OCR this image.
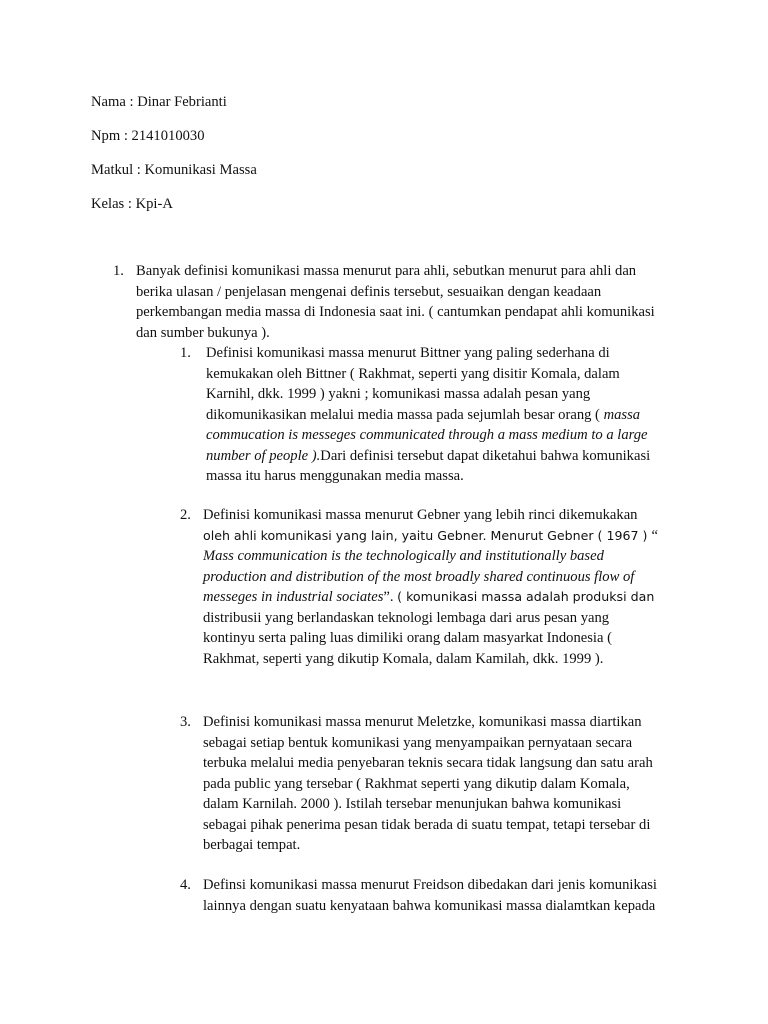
Nama : Dinar Febrianti
Npm : 2141010030
Matkul : Komunikasi Massa
Kelas : Kpi-A
1. Banyak definisi komunikasi massa menurut para ahli, sebutkan menurut para ahli dan
berika ulasan / penjelasan mengenai definis tersebut, sesuaikan dengan keadaan
perkembangan media massa di Indonesia saat ini. ( cantumkan pendapat ahli komunikasi
dan sumber bukunya ).
1. Definisi komunikasi massa menurut Bittner yang paling sederhana di
kemukakan oleh Bittner ( Rakhmat, seperti yang disitir Komala, dalam
Karnihl, dkk. 1999 ) yakni ; komunikasi massa adalah pesan yang
dikomunikasikan melalui media massa pada sejumlah besar orang ( massa
commucation is messeges communicated through a mass medium to a large
number of people ).Dari definisi tersebut dapat diketahui bahwa komunikasi
massa itu harus menggunakan media massa.
2. Definisi komunikasi massa menurut Gebner yang lebih rinci dikemukakan
oleh ahli komunikasi yang lain, yaitu Gebner. Menurut Gebner ( 1967 ) “
Mass communication is the technologically and institutionally based
production and distribution of the most broadly shared continuous flow of
messeges in industrial sociates”. ( komunikasi massa adalah produksi dan
distribusii yang berlandaskan teknologi lembaga dari arus pesan yang
kontinyu serta paling luas dimiliki orang dalam masyarkat Indonesia (
Rakhmat, seperti yang dikutip Komala, dalam Kamilah, dkk. 1999 ).
3. Definisi komunikasi massa menurut Meletzke, komunikasi massa diartikan
sebagai setiap bentuk komunikasi yang menyampaikan pernyataan secara
terbuka melalui media penyebaran teknis secara tidak langsung dan satu arah
pada public yang tersebar ( Rakhmat seperti yang dikutip dalam Komala,
dalam Karnilah. 2000 ). Istilah tersebar menunjukan bahwa komunikasi
sebagai pihak penerima pesan tidak berada di suatu tempat, tetapi tersebar di
berbagai tempat.
4. Definsi komunikasi massa menurut Freidson dibedakan dari jenis komunikasi
lainnya dengan suatu kenyataan bahwa komunikasi massa dialamtkan kepada
